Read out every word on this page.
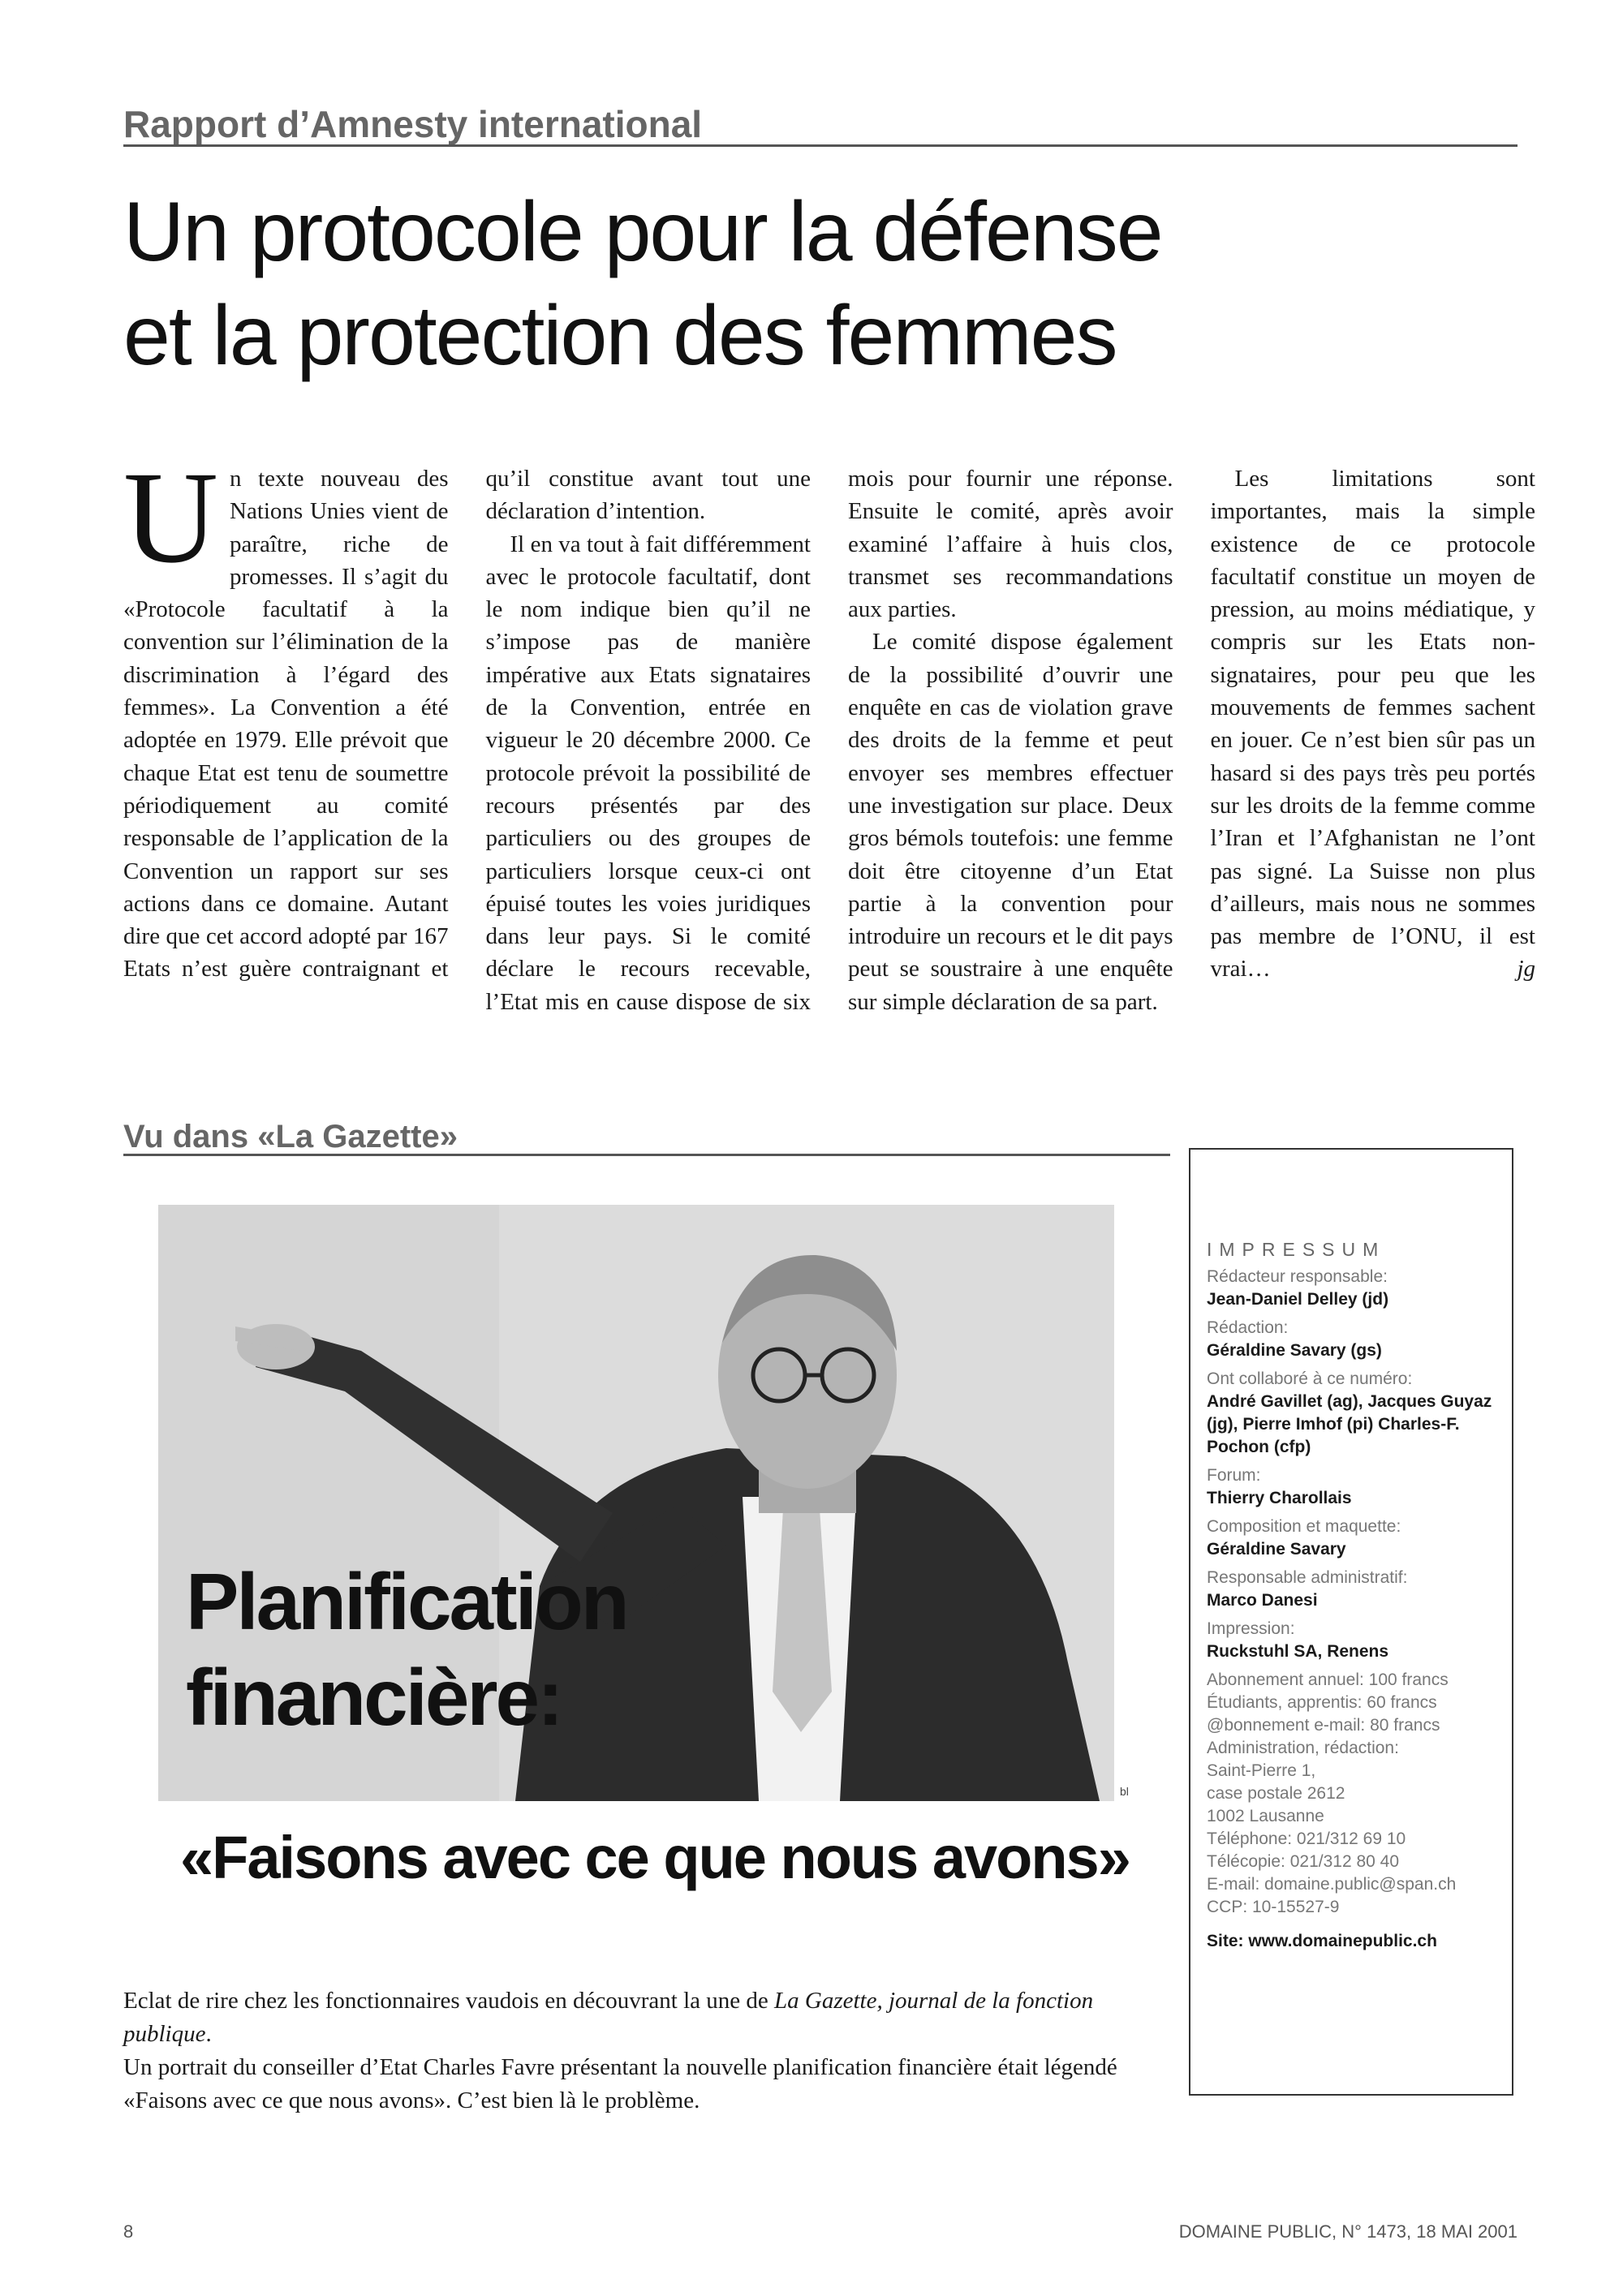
Rapport d’Amnesty international
Un protocole pour la défense
et la protection des femmes

Un texte nouveau des Nations Unies vient de paraître, riche de promesses. Il s’agit du «Protocole facultatif à la convention sur l’élimination de la discrimination à l’égard des femmes». La Convention a été adoptée en 1979. Elle prévoit que chaque Etat est tenu de soumettre périodiquement au comité responsable de l’application de la Convention un rapport sur ses actions dans ce domaine. Autant dire que cet accord adopté par 167 Etats n’est guère contraignant et qu’il constitue avant tout une déclaration d’intention.

Il en va tout à fait différemment avec le protocole facultatif, dont le nom indique bien qu’il ne s’impose pas de manière impérative aux Etats signataires de la Convention, entrée en vigueur le 20 décembre 2000. Ce protocole prévoit la possibilité de recours présentés par des particuliers ou des groupes de particuliers lorsque ceux-ci ont épuisé toutes les voies juridiques dans leur pays. Si le comité déclare le recours recevable, l’Etat mis en cause dispose de six mois pour fournir une réponse. Ensuite le comité, après avoir examiné l’affaire à huis clos, transmet ses recommandations aux parties.

Le comité dispose également de la possibilité d’ouvrir une enquête en cas de violation grave des droits de la femme et peut envoyer ses membres effectuer une investigation sur place. Deux gros bémols toutefois: une femme doit être citoyenne d’un Etat partie à la convention pour introduire un recours et le dit pays peut se soustraire à une enquête sur simple déclaration de sa part.

Les limitations sont importantes, mais la simple existence de ce protocole facultatif constitue un moyen de pression, au moins médiatique, y compris sur les Etats non-signataires, pour peu que les mouvements de femmes sachent en jouer. Ce n’est bien sûr pas un hasard si des pays très peu portés sur les droits de la femme comme l’Iran et l’Afghanistan ne l’ont pas signé. La Suisse non plus d’ailleurs, mais nous ne sommes pas membre de l’ONU, il est vrai…	jg

Vu dans «La Gazette»
Planification
financière:
bl
«Faisons avec ce que nous avons»
Eclat de rire chez les fonctionnaires vaudois en découvrant la une de La Gazette, journal de la fonction publique.
Un portrait du conseiller d’Etat Charles Favre présentant la nouvelle planification financière était légendé «Faisons avec ce que nous avons». C’est bien là le problème.
IMPRESSUM
Rédacteur responsable:
Jean-Daniel Delley (jd)
Rédaction:
Géraldine Savary (gs)
Ont collaboré à ce numéro:
André Gavillet (ag), Jacques Guyaz (jg), Pierre Imhof (pi) Charles-F. Pochon (cfp)
Forum:
Thierry Charollais
Composition et maquette:
Géraldine Savary
Responsable administratif:
Marco Danesi
Impression:
Ruckstuhl SA, Renens
Abonnement annuel: 100 francs
Étudiants, apprentis: 60 francs
@bonnement e-mail: 80 francs
Administration, rédaction:
Saint-Pierre 1,
case postale 2612
1002 Lausanne
Téléphone: 021/312 69 10
Télécopie: 021/312 80 40
E-mail: domaine.public@span.ch
CCP: 10-15527-9
Site: www.domainepublic.ch
8	DOMAINE PUBLIC, N° 1473, 18 MAI 2001
